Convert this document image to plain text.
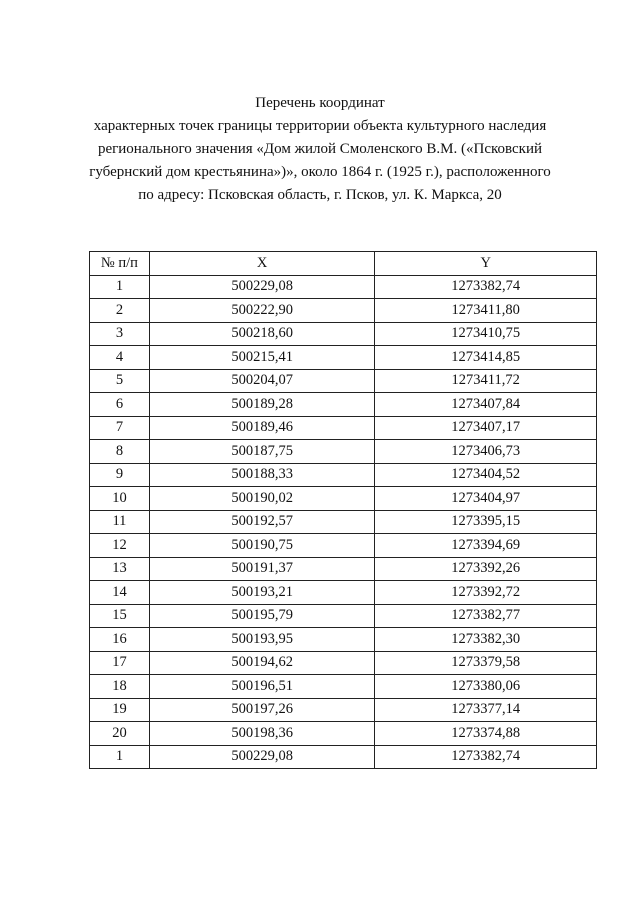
Перечень координат
характерных точек границы территории объекта культурного наследия
регионального значения «Дом жилой Смоленского В.М. («Псковский
губернский дом крестьянина»)», около 1864 г. (1925 г.), расположенного
по адресу: Псковская область, г. Псков, ул. К. Маркса, 20
№ п/п	X	Y
1	500229,08	1273382,74
2	500222,90	1273411,80
3	500218,60	1273410,75
4	500215,41	1273414,85
5	500204,07	1273411,72
6	500189,28	1273407,84
7	500189,46	1273407,17
8	500187,75	1273406,73
9	500188,33	1273404,52
10	500190,02	1273404,97
11	500192,57	1273395,15
12	500190,75	1273394,69
13	500191,37	1273392,26
14	500193,21	1273392,72
15	500195,79	1273382,77
16	500193,95	1273382,30
17	500194,62	1273379,58
18	500196,51	1273380,06
19	500197,26	1273377,14
20	500198,36	1273374,88
1	500229,08	1273382,74
